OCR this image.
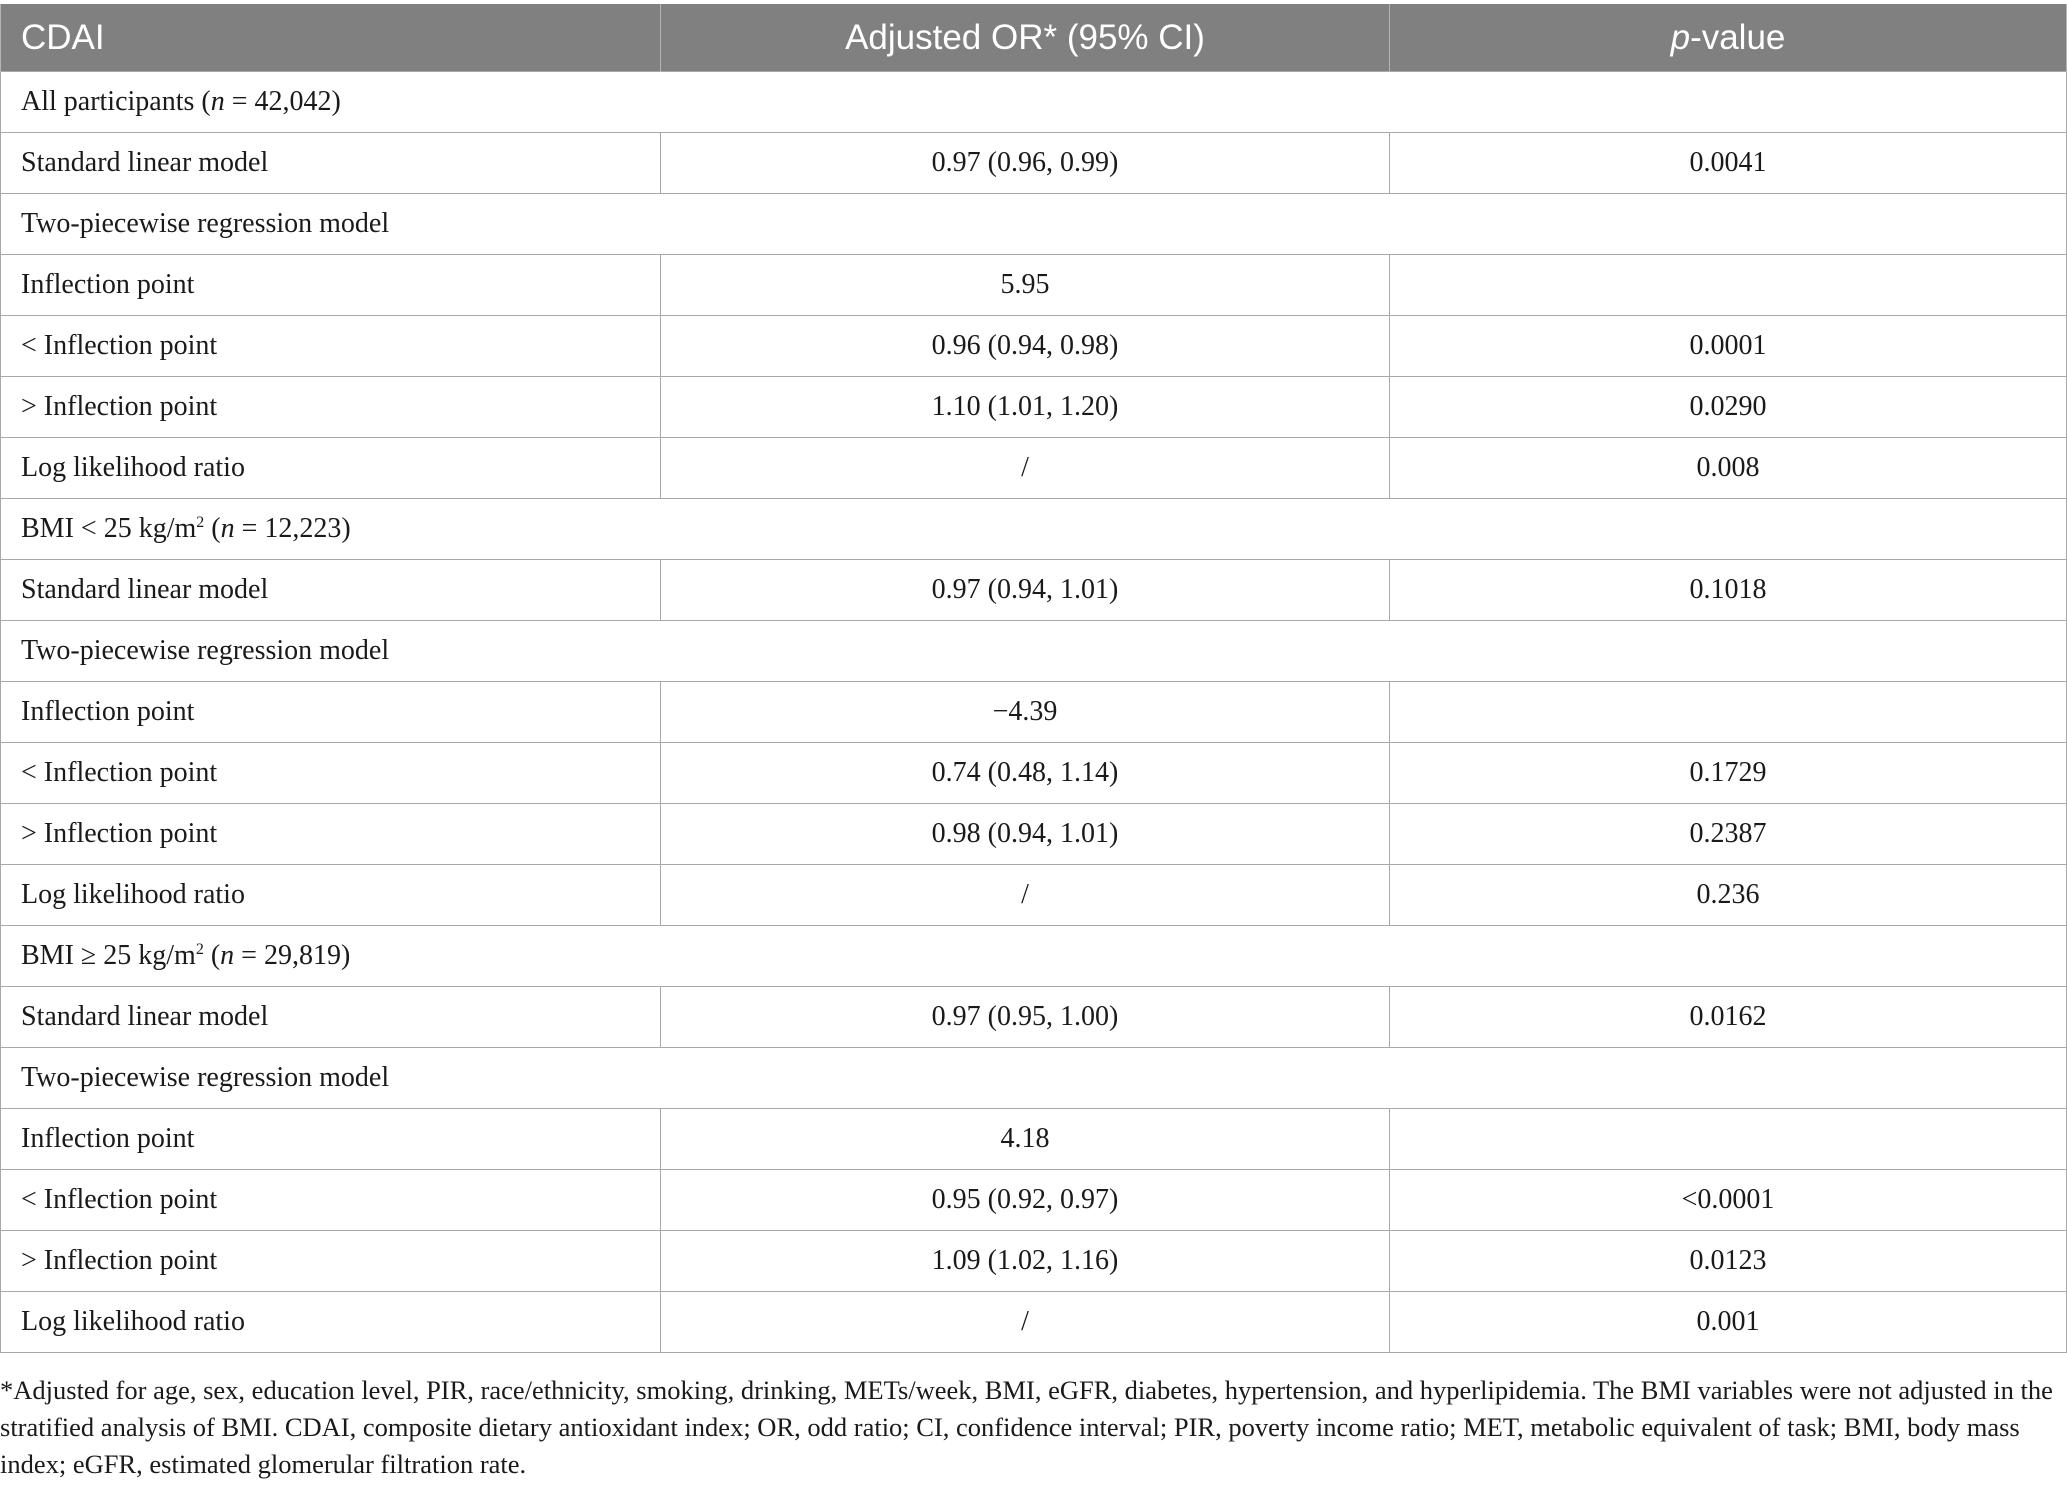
CDAI	Adjusted OR* (95% CI)	p-value
All participants (n = 42,042)		
Standard linear model	0.97 (0.96, 0.99)	0.0041
Two-piecewise regression model		
Inflection point	5.95	
< Inflection point	0.96 (0.94, 0.98)	0.0001
> Inflection point	1.10 (1.01, 1.20)	0.0290
Log likelihood ratio	/	0.008
BMI < 25 $kg/m^2$ (n = 12,223)		
Standard linear model	0.97 (0.94, 1.01)	0.1018
Two-piecewise regression model		
Inflection point	−4.39	
< Inflection point	0.74 (0.48, 1.14)	0.1729
> Inflection point	0.98 (0.94, 1.01)	0.2387
Log likelihood ratio	/	0.236
BMI ≥ 25 $kg/m^2$ (n = 29,819)		
Standard linear model	0.97 (0.95, 1.00)	0.0162
Two-piecewise regression model		
Inflection point	4.18	
< Inflection point	0.95 (0.92, 0.97)	<0.0001
> Inflection point	1.09 (1.02, 1.16)	0.0123
Log likelihood ratio	/	0.001

*Adjusted for age, sex, education level, PIR, race/ethnicity, smoking, drinking, METs/week, BMI, eGFR, diabetes, hypertension, and hyperlipidemia. The BMI variables were not adjusted in the stratified analysis of BMI. CDAI, composite dietary antioxidant index; OR, odd ratio; CI, confidence interval; PIR, poverty income ratio; MET, metabolic equivalent of task; BMI, body mass index; eGFR, estimated glomerular filtration rate.
